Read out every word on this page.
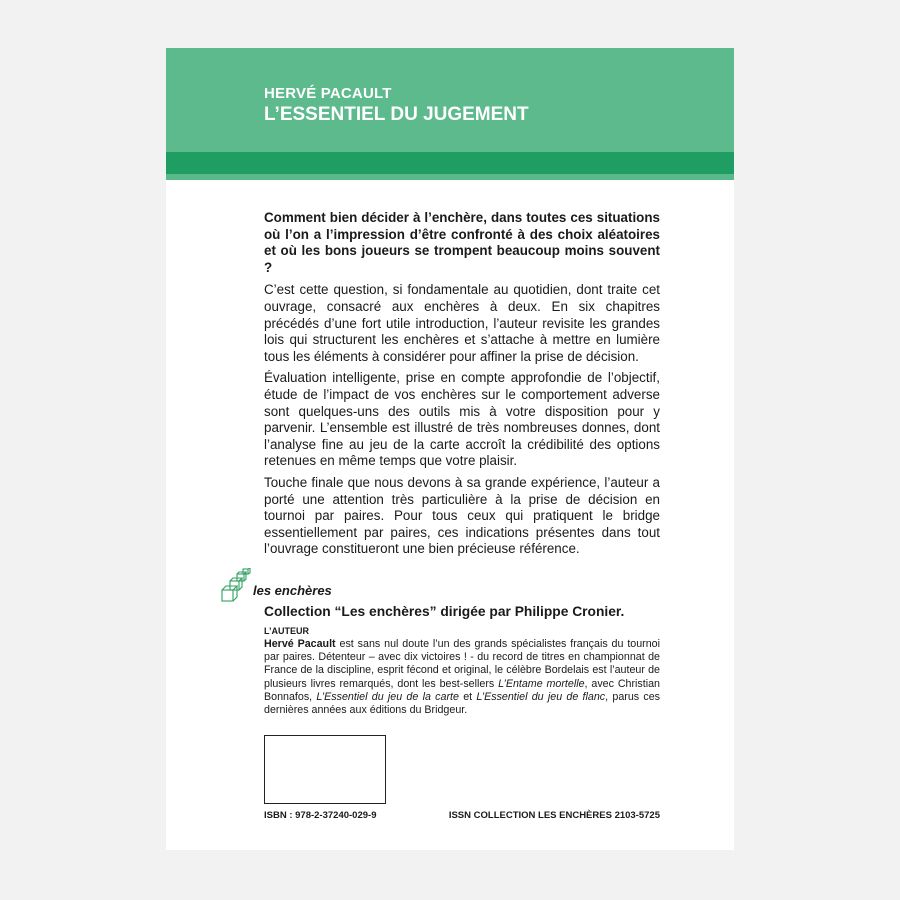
HERVÉ PACAULT
L’ESSENTIEL DU JUGEMENT

Comment bien décider à l’enchère, dans toutes ces situations où l’on a l’impression d’être confronté à des choix aléatoires et où les bons joueurs se trompent beaucoup moins souvent ?

C’est cette question, si fondamentale au quotidien, dont traite cet ouvrage, consacré aux enchères à deux. En six chapitres précédés d’une fort utile introduction, l’auteur revisite les grandes lois qui structurent les enchères et s’attache à mettre en lumière tous les éléments à considérer pour affiner la prise de décision.

Évaluation intelligente, prise en compte approfondie de l’objectif, étude de l’impact de vos enchères sur le comportement adverse sont quelques-uns des outils mis à votre disposition pour y parvenir. L’ensemble est illustré de très nombreuses donnes, dont l’analyse fine au jeu de la carte accroît la crédibilité des options retenues en même temps que votre plaisir.

Touche finale que nous devons à sa grande expérience, l’auteur a porté une attention très particulière à la prise de décision en tournoi par paires. Pour tous ceux qui pratiquent le bridge essentiellement par paires, ces indications présentes dans tout l’ouvrage constitueront une bien précieuse référence.

les enchères
Collection “Les enchères” dirigée par Philippe Cronier.
L’AUTEUR
Hervé Pacault est sans nul doute l’un des grands spécialistes français du tournoi par paires. Détenteur – avec dix victoires ! - du record de titres en championnat de France de la discipline, esprit fécond et original, le célèbre Bordelais est l’auteur de plusieurs livres remarqués, dont les best-sellers L’Entame mortelle, avec Christian Bonnafos, L’Essentiel du jeu de la carte et L’Essentiel du jeu de flanc, parus ces dernières années aux éditions du Bridgeur.
ISBN : 978-2-37240-029-9	ISSN COLLECTION LES ENCHÈRES 2103-5725
